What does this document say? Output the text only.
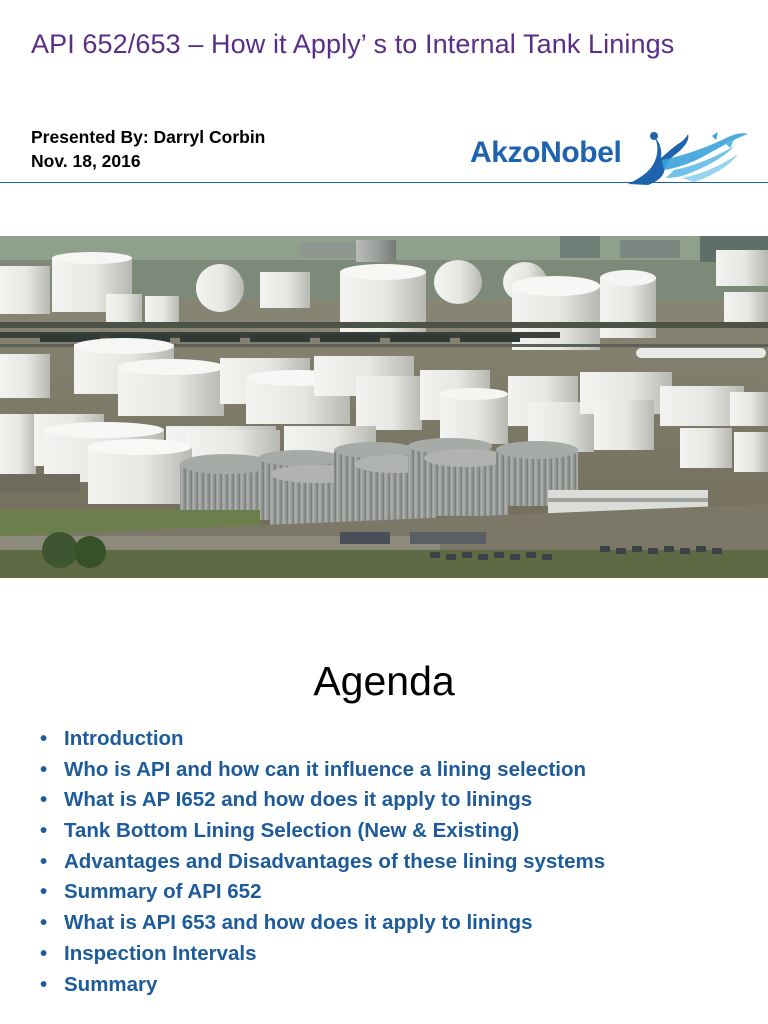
API 652/653 – How it Apply’ s to Internal Tank Linings
Presented By: Darryl Corbin
Nov. 18, 2016	AkzoNobel
Agenda
• Introduction
• Who is API and how can it influence a lining selection
• What is AP I652 and how does it apply to linings
• Tank Bottom Lining Selection (New & Existing)
• Advantages and Disadvantages of these lining systems
• Summary of API 652
• What is API 653 and how does it apply to linings
• Inspection Intervals
• Summary
